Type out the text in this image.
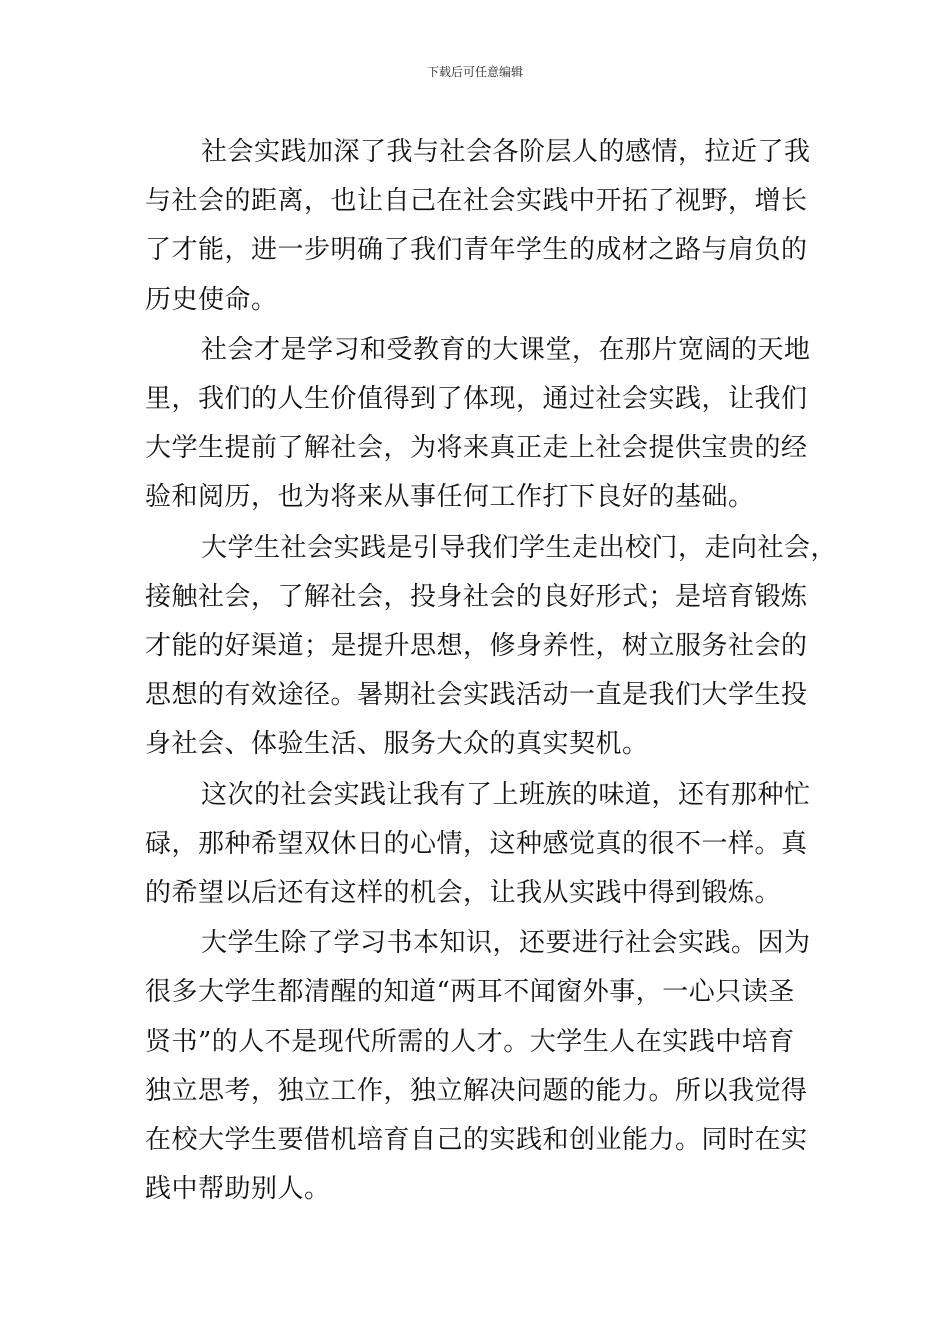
下载后可任意编辑
社会实践加深了我与社会各阶层人的感情，拉近了我
与社会的距离，也让自己在社会实践中开拓了视野，增长
了才能，进一步明确了我们青年学生的成材之路与肩负的
历史使命。
社会才是学习和受教育的大课堂，在那片宽阔的天地
里，我们的人生价值得到了体现，通过社会实践，让我们
大学生提前了解社会，为将来真正走上社会提供宝贵的经
验和阅历，也为将来从事任何工作打下良好的基础。
大学生社会实践是引导我们学生走出校门，走向社会，
接触社会，了解社会，投身社会的良好形式；是培育锻炼
才能的好渠道；是提升思想，修身养性，树立服务社会的
思想的有效途径。暑期社会实践活动一直是我们大学生投
身社会、体验生活、服务大众的真实契机。
这次的社会实践让我有了上班族的味道，还有那种忙
碌，那种希望双休日的心情，这种感觉真的很不一样。真
的希望以后还有这样的机会，让我从实践中得到锻炼。
大学生除了学习书本知识，还要进行社会实践。因为
很多大学生都清醒的知道“两耳不闻窗外事，一心只读圣
贤书”的人不是现代所需的人才。大学生人在实践中培育
独立思考，独立工作，独立解决问题的能力。所以我觉得
在校大学生要借机培育自己的实践和创业能力。同时在实
践中帮助别人。
